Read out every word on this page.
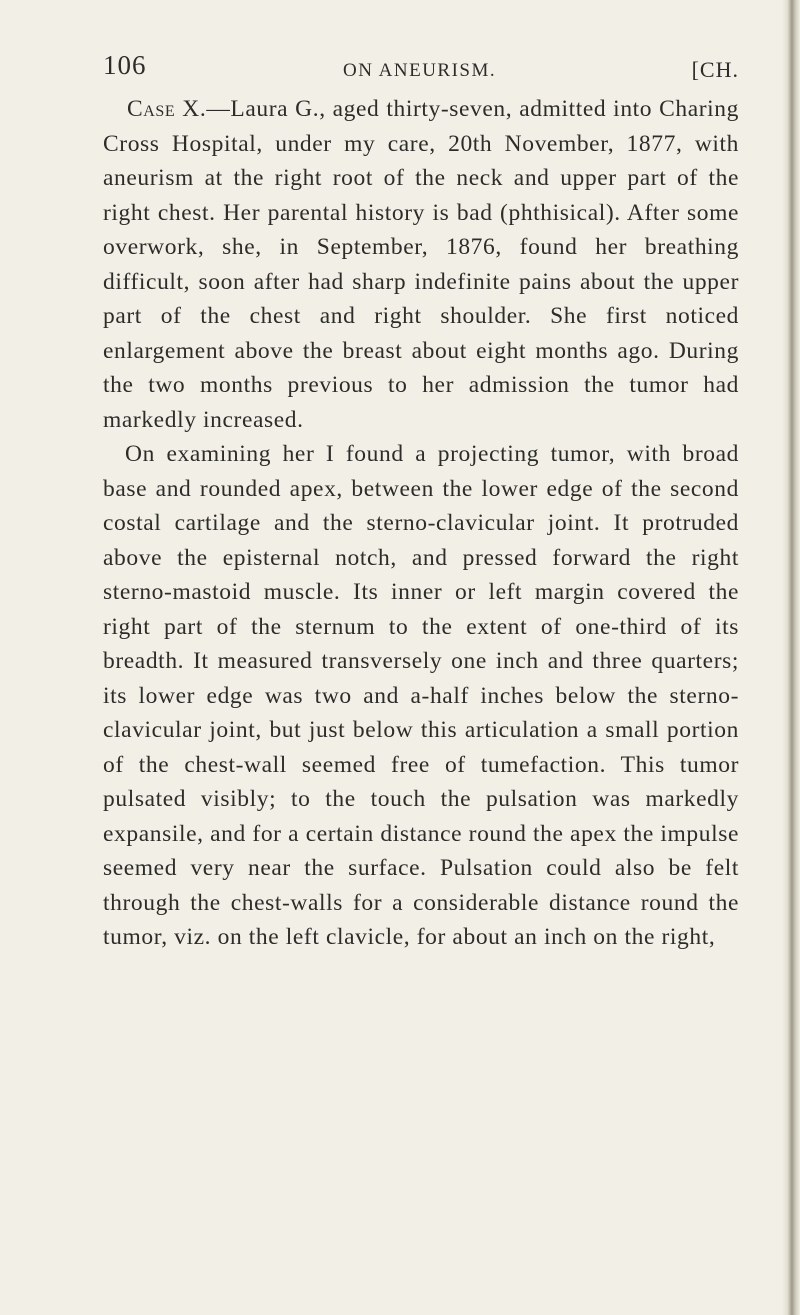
106	ON ANEURISM.	[CH.

Case X.—Laura G., aged thirty-seven, admitted into Charing Cross Hospital, under my care, 20th November, 1877, with aneurism at the right root of the neck and upper part of the right chest. Her parental history is bad (phthisical). After some overwork, she, in September, 1876, found her breathing difficult, soon after had sharp indefinite pains about the upper part of the chest and right shoulder. She first noticed enlargement above the breast about eight months ago. During the two months previous to her admission the tumor had markedly increased.

On examining her I found a projecting tumor, with broad base and rounded apex, between the lower edge of the second costal cartilage and the sterno-clavicular joint. It protruded above the episternal notch, and pressed forward the right sterno-mastoid muscle. Its inner or left margin covered the right part of the sternum to the extent of one-third of its breadth. It measured transversely one inch and three quarters; its lower edge was two and a-half inches below the sterno-clavicular joint, but just below this articulation a small portion of the chest-wall seemed free of tumefaction. This tumor pulsated visibly; to the touch the pulsation was markedly expansile, and for a certain distance round the apex the impulse seemed very near the surface. Pulsation could also be felt through the chest-walls for a considerable distance round the tumor, viz. on the left clavicle, for about an inch on the right,
